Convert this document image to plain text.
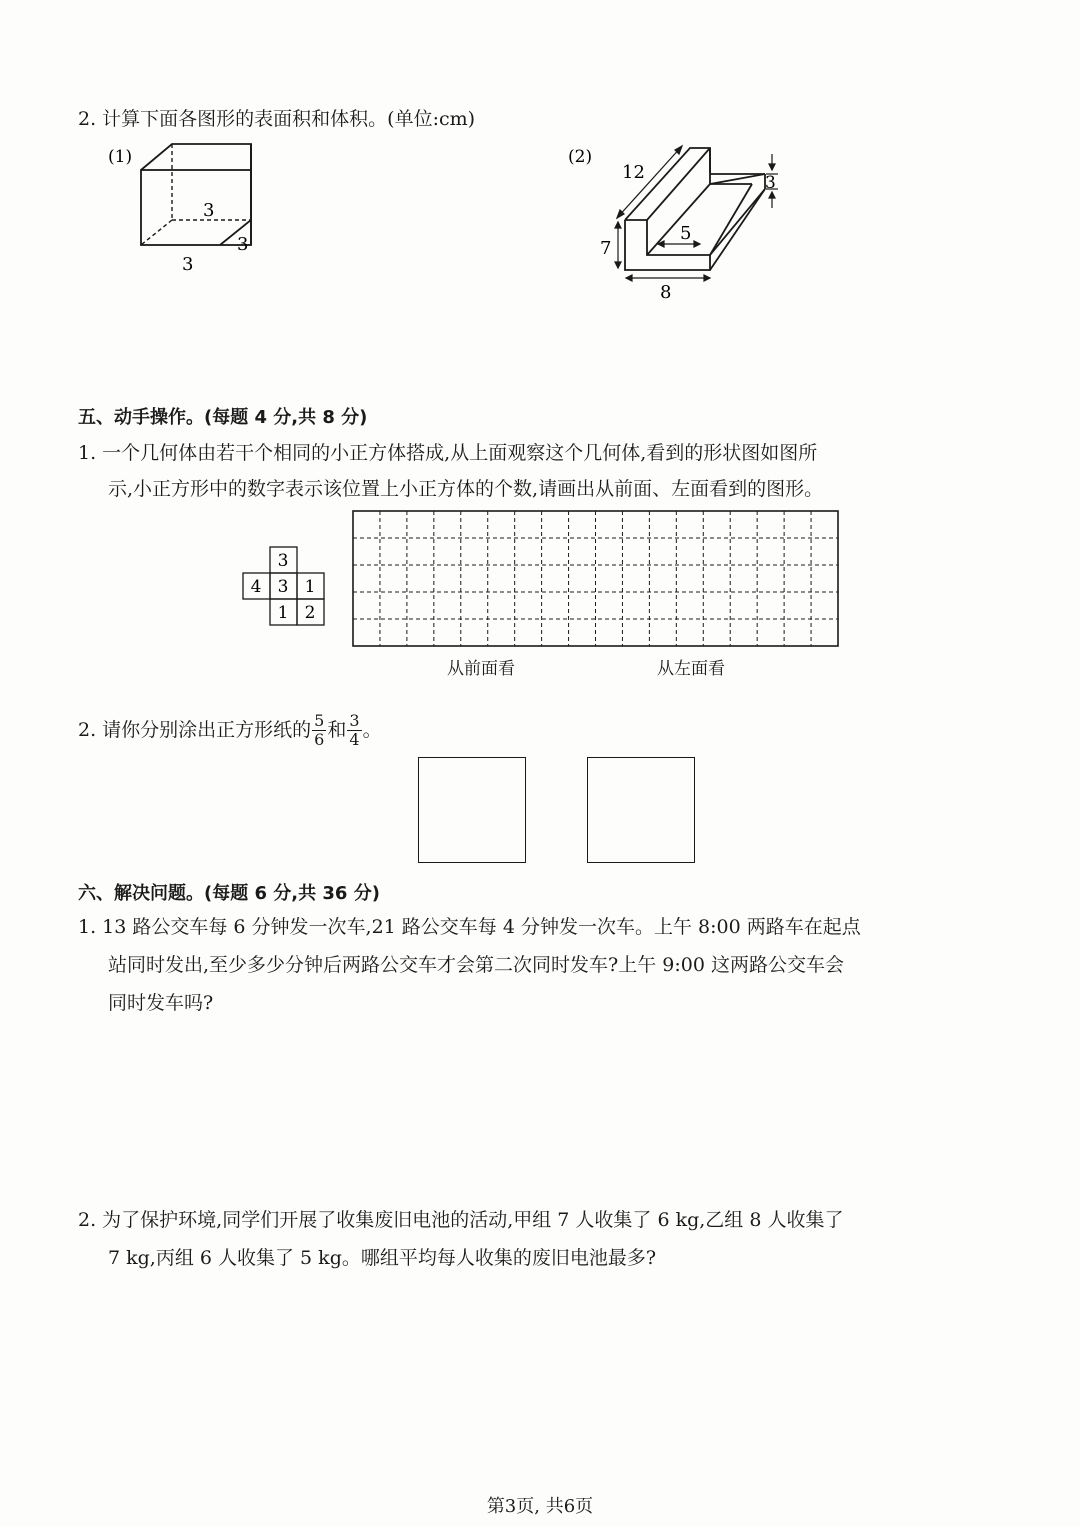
2. 计算下面各图形的表面积和体积。(单位:cm)
(1)
3
3
3
(2)
12	3
5
7
8
五、动手操作。(每题 4 分,共 8 分)
1. 一个几何体由若干个相同的小正方体搭成,从上面观察这个几何体,看到的形状图如图所
示,小正方形中的数字表示该位置上小正方体的个数,请画出从前面、左面看到的图形。
3
4 3 1
1 2
从前面看	从左面看
2. 请你分别涂出正方形纸的 $\frac{5}{6}$ 和 $\frac{3}{4}$ 。
六、解决问题。(每题 6 分,共 36 分)
1. 13 路公交车每 6 分钟发一次车,21 路公交车每 4 分钟发一次车。上午 8:00 两路车在起点
站同时发出,至少多少分钟后两路公交车才会第二次同时发车?上午 9:00 这两路公交车会
同时发车吗?
2. 为了保护环境,同学们开展了收集废旧电池的活动,甲组 7 人收集了 6 kg,乙组 8 人收集了
7 kg,丙组 6 人收集了 5 kg。哪组平均每人收集的废旧电池最多?
第3页, 共6页
